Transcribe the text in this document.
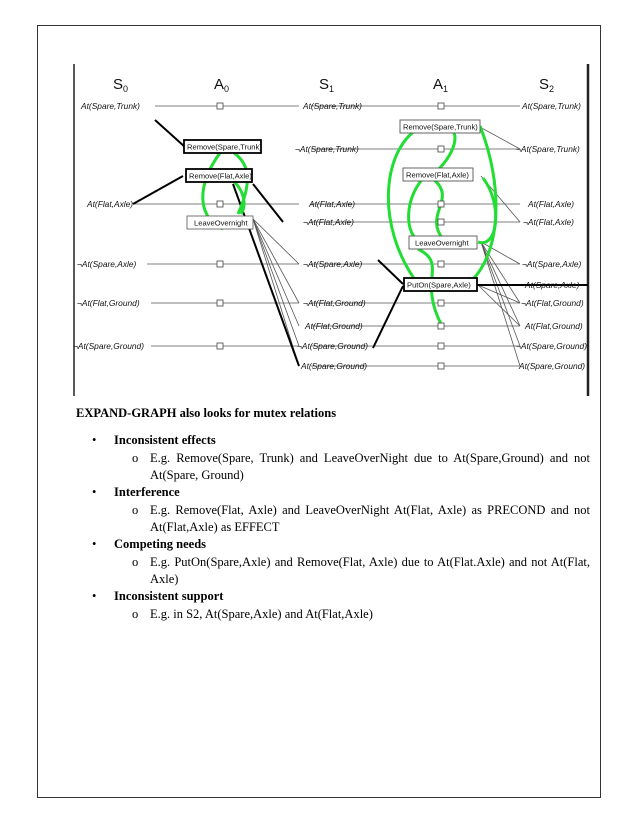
$S_0$	$A_0$	$S_1$	$A_1$	$S_2$
At(Spare,Trunk)
At(Flat,Axle)
¬At(Spare,Axle)
¬At(Flat,Ground)
¬At(Spare,Ground)
At(Spare,Trunk)
¬At(Spare,Trunk)
At(Flat,Axle)
¬At(Flat,Axle)
¬At(Spare,Axle)
¬At(Flat,Ground)
At(Flat,Ground)
¬At(Spare,Ground)
At(Spare,Ground)
At(Spare,Trunk)
¬At(Spare,Trunk)
At(Flat,Axle)
¬At(Flat,Axle)
¬At(Spare,Axle)
At(Spare,Axle)
¬At(Flat,Ground)
At(Flat,Ground)
¬At(Spare,Ground)
At(Spare,Ground)
Remove(Spare,Trunk)
Remove(Flat,Axle)
LeaveOvernight
Remove(Spare,Trunk)
Remove(Flat,Axle)
LeaveOvernight
PutOn(Spare,Axle)
EXPAND-GRAPH also looks for mutex relations
• Inconsistent effects
o E.g. Remove(Spare, Trunk) and LeaveOverNight due to At(Spare,Ground) and not At(Spare, Ground)
• Interference
o E.g. Remove(Flat, Axle) and LeaveOverNight At(Flat, Axle) as PRECOND and not At(Flat,Axle) as EFFECT
• Competing needs
o E.g. PutOn(Spare,Axle) and Remove(Flat, Axle) due to At(Flat.Axle) and not At(Flat, Axle)
• Inconsistent support
o E.g. in S2, At(Spare,Axle) and At(Flat,Axle)
